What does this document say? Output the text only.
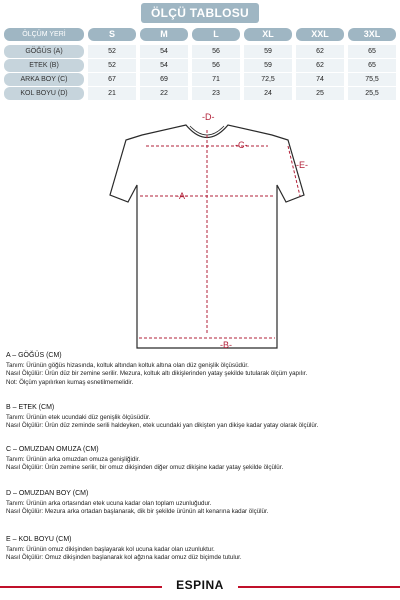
ÖLÇÜ TABLOSU
ÖLÇÜM YERİ	S	M	L	XL	XXL	3XL
GÖĞÜS (A)	52	54	56	59	62	65
ETEK (B)	52	54	56	59	62	65
ARKA BOY (C)	67	69	71	72,5	74	75,5
KOL BOYU (D)	21	22	23	24	25	25,5
-A-
-B-
-C-
-D-
-E-
A – GÖĞÜS (CM)
Tanım: Ürünün göğüs hizasında, koltuk altından koltuk altına olan düz genişlik ölçüsüdür.
Nasıl Ölçülür: Ürün düz bir zemine serilir. Mezura, koltuk altı dikişlerinden yatay şekilde tutularak ölçüm yapılır.
Not: Ölçüm yapılırken kumaş esnetilmemelidir.
B – ETEK (CM)
Tanım: Ürünün etek ucundaki düz genişlik ölçüsüdür.
Nasıl Ölçülür: Ürün düz zeminde serili haldeyken, etek ucundaki yan dikişten yan dikişe kadar yatay olarak ölçülür.
C – OMUZDAN OMUZA (CM)
Tanım: Ürünün arka omuzdan omuza genişliğidir.
Nasıl Ölçülür: Ürün zemine serilir, bir omuz dikişinden diğer omuz dikişine kadar yatay şekilde ölçülür.
D – OMUZDAN BOY (CM)
Tanım: Ürünün arka ortasından etek ucuna kadar olan toplam uzunluğudur.
Nasıl Ölçülür: Mezura arka ortadan başlanarak, dik bir şekilde ürünün alt kenarına kadar ölçülür.
E – KOL BOYU (CM)
Tanım: Ürünün omuz dikişinden başlayarak kol ucuna kadar olan uzunluktur.
Nasıl Ölçülür: Omuz dikişinden başlanarak kol ağzına kadar omuz düz biçimde tutulur.
ESPINA
